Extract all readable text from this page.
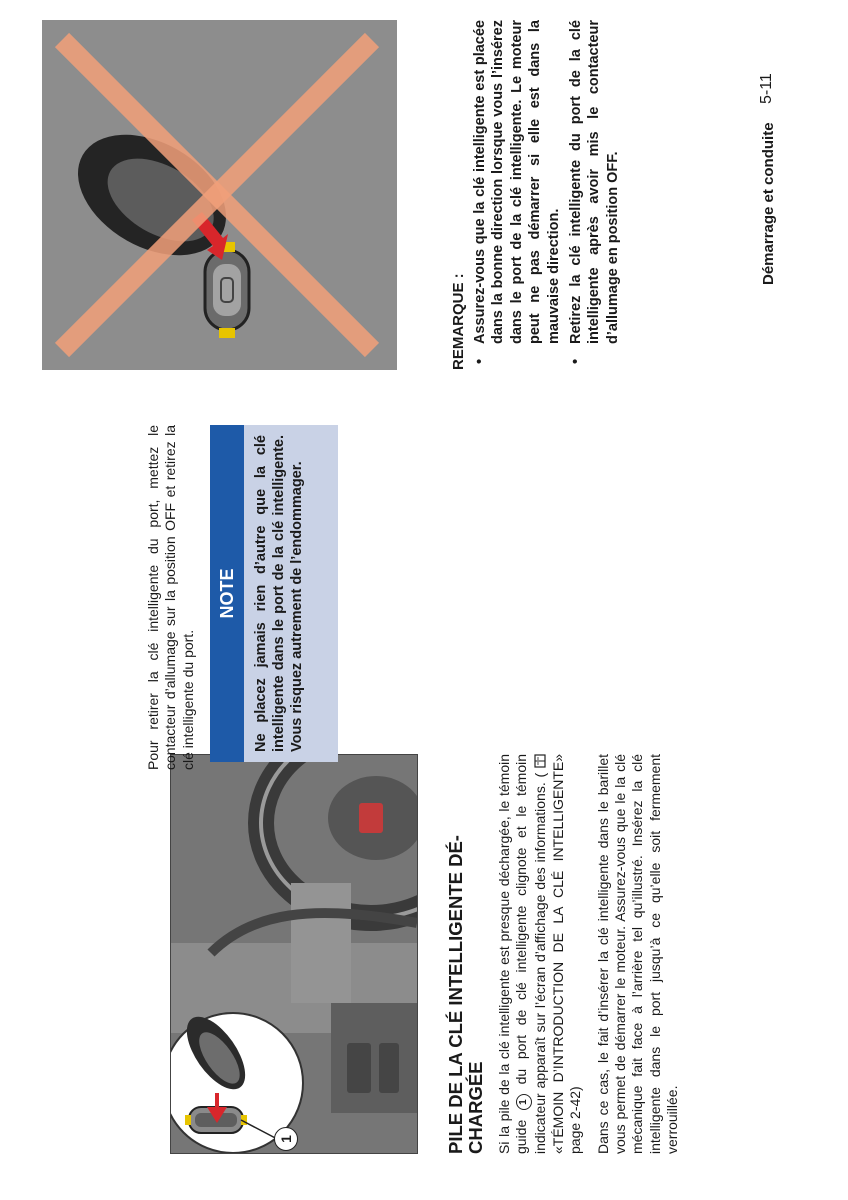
1	PILE DE LA CLÉ INTELLIGENTE DÉCHARGÉE Si la pile de la clé intelligente est presque déchargée, le témoin guide 1 du port de clé intelligente clignote et le témoin indicateur apparaît sur l’écran d’affichage des informations. (  «TÉMOIN D’INTRODUCTION DE LA CLÉ INTELLIGENTE» page 2-42) Dans ce cas, le fait d’insérer la clé intelligente dans le barillet vous permet de démarrer le moteur. Assurez-vous que le la clé mécanique fait face à l’arrière tel qu’illustré. Insérez la clé intelligente dans le port jusqu’à ce qu’elle soit fermement verrouillée.

Pour retirer la clé intelligente du port, mettez le contacteur d’allumage sur la position OFF et retirez la clé intelligente du port.

NOTE	Ne placez jamais rien d’autre que la clé intelligente dans le port de la clé intelligente. Vous risquez autrement de l’endommager.
REMARQUE : •
Assurez-vous que la clé intelligente est placée dans la bonne direction lorsque vous l’insérez dans le port de la clé intelligente. Le moteur peut ne pas démarrer si elle est dans la mauvaise direction.
•
Retirez la clé intelligente du port de la clé intelligente après avoir mis le contacteur d’allumage en position OFF.	Démarrage et conduite
5-11
